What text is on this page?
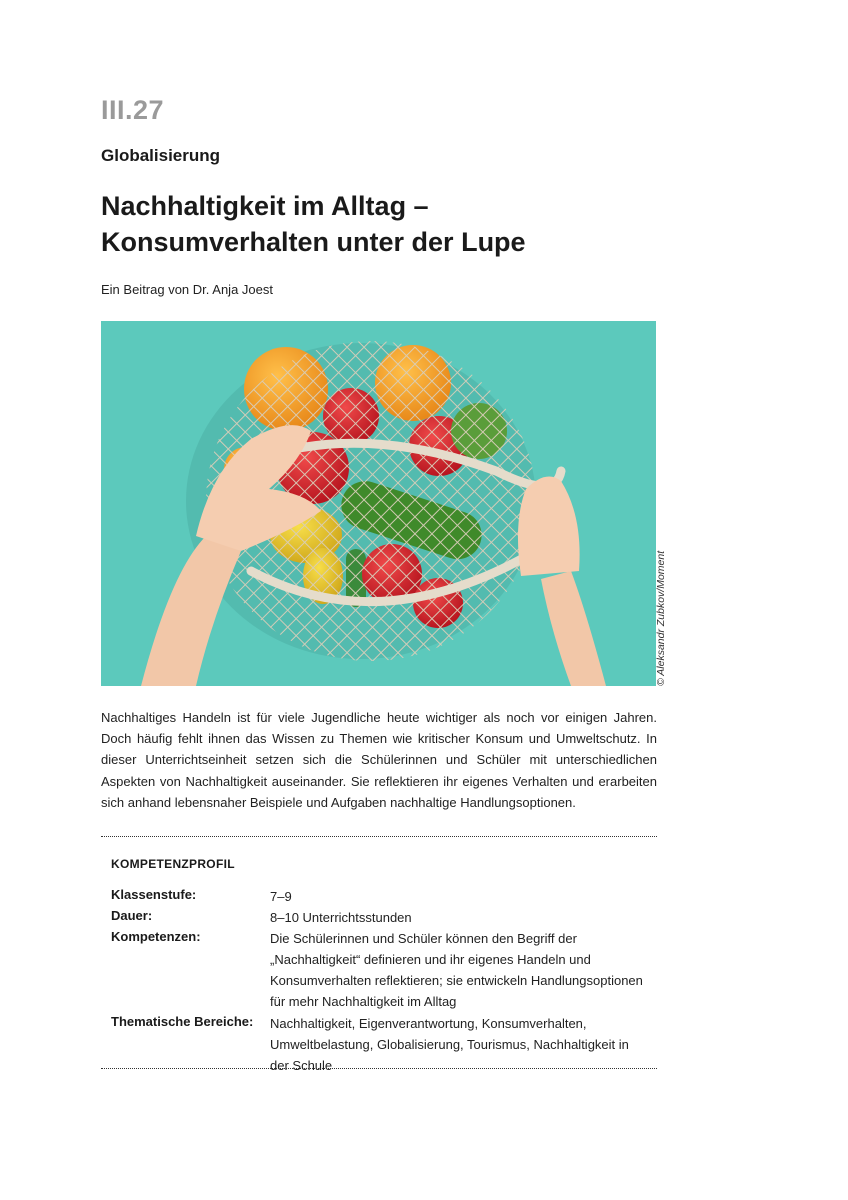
III.27
Globalisierung
Nachhaltigkeit im Alltag –
Konsumverhalten unter der Lupe
Ein Beitrag von Dr. Anja Joest
© Aleksandr Zubkov/Moment
Nachhaltiges Handeln ist für viele Jugendliche heute wichtiger als noch vor einigen Jahren. Doch häufig fehlt ihnen das Wissen zu Themen wie kritischer Konsum und Umweltschutz. In dieser Unterrichtseinheit setzen sich die Schülerinnen und Schüler mit unterschiedlichen Aspekten von Nachhaltigkeit auseinander. Sie reflektieren ihr eigenes Verhalten und erarbeiten sich anhand lebensnaher Beispiele und Aufgaben nachhaltige Handlungsoptionen.
KOMPETENZPROFIL
Klassenstufe:	7–9
Dauer:	8–10 Unterrichtsstunden
Kompetenzen:	Die Schülerinnen und Schüler können den Begriff der „Nachhaltigkeit“ definieren und ihr eigenes Handeln und Konsumverhalten reflektieren; sie entwickeln Handlungsoptionen für mehr Nachhaltigkeit im Alltag
Thematische Bereiche: Nachhaltigkeit, Eigenverantwortung, Konsumverhalten, Umweltbelastung, Globalisierung, Tourismus, Nachhaltigkeit in der Schule
